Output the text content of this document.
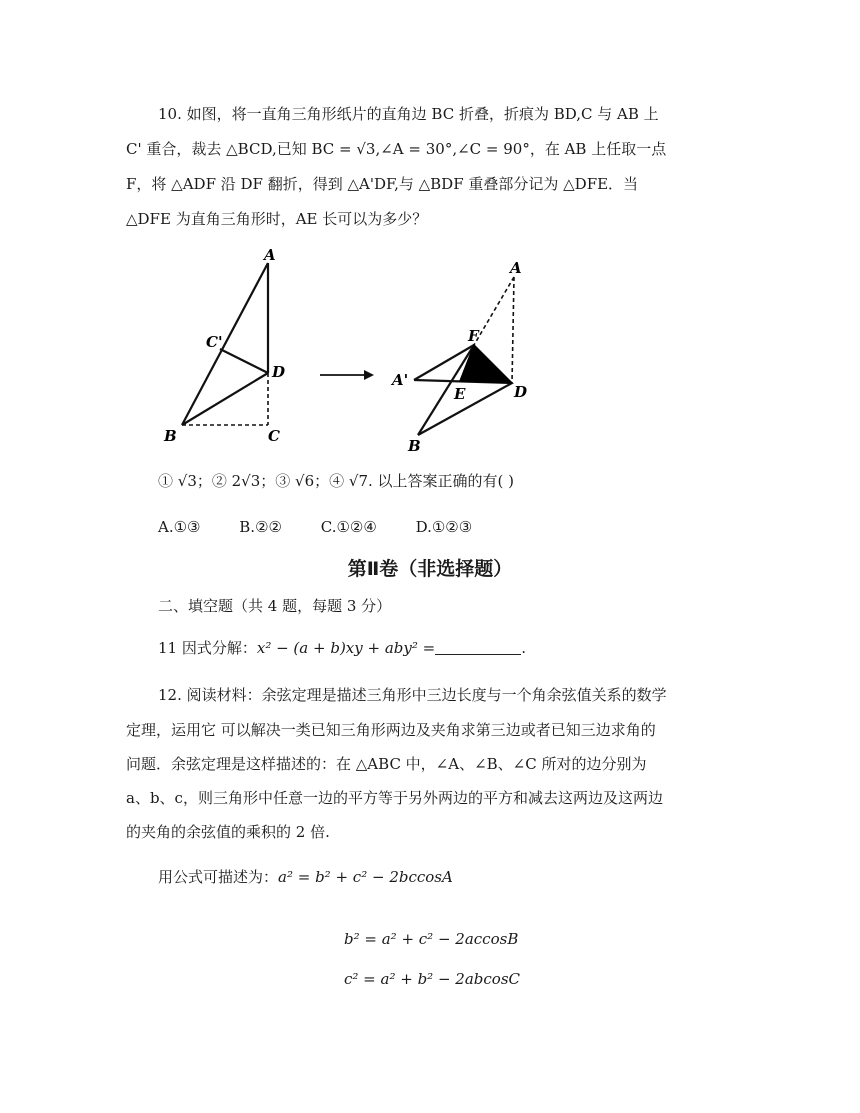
10. 如图，将一直角三角形纸片的直角边 BC 折叠，折痕为 BD,C 与 AB 上
C' 重合，裁去 △BCD,已知 BC = √3,∠A = 30°,∠C = 90°，在 AB 上任取一点
F，将 △ADF 沿 DF 翻折，得到 △A'DF,与 △BDF 重叠部分记为 △DFE．当
△DFE 为直角三角形时，AE 长可以为多少？
A
C'
D
B	C
A
F
A'
E	D
B
① √3；② 2√3；③ √6；④ √7. 以上答案正确的有( )
A.①③	B.②②	C.①②④	D.①②③
第Ⅱ卷（非选择题）
二、填空题（共 4 题，每题 3 分）
11 因式分解：x² − (a + b)xy + aby² =	.
12. 阅读材料：余弦定理是描述三角形中三边长度与一个角余弦值关系的数学
定理，运用它 可以解决一类已知三角形两边及夹角求第三边或者已知三边求角的
问题．余弦定理是这样描述的：在 △ABC 中，∠A、∠B、∠C 所对的边分别为
a、b、c，则三角形中任意一边的平方等于另外两边的平方和减去这两边及这两边
的夹角的余弦值的乘积的 2 倍.
用公式可描述为：a² = b² + c² − 2bccosA
b² = a² + c² − 2accosB
c² = a² + b² − 2abcosC
